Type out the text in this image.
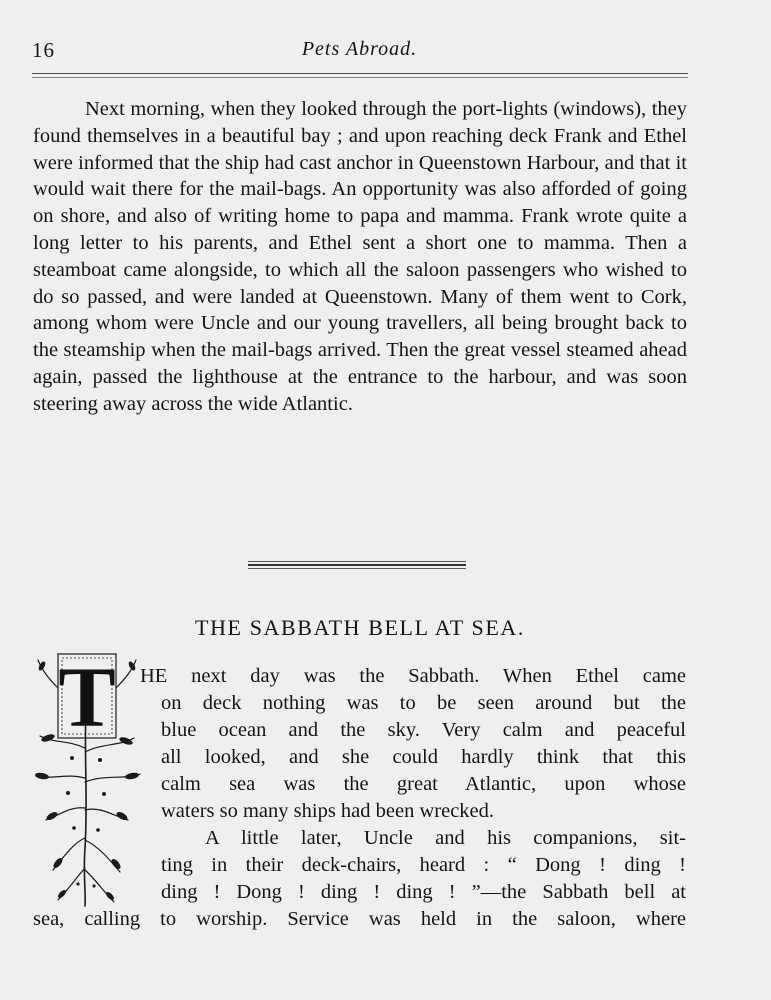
16	Pets Abroad.

Next morning, when they looked through the port-lights (windows), they found themselves in a beautiful bay ; and upon reaching deck Frank and Ethel were informed that the ship had cast anchor in Queenstown Harbour, and that it would wait there for the mail-bags. An opportunity was also afforded of going on shore, and also of writing home to papa and mamma. Frank wrote quite a long letter to his parents, and Ethel sent a short one to mamma. Then a steamboat came alongside, to which all the saloon passengers who wished to do so passed, and were landed at Queenstown. Many of them went to Cork, among whom were Uncle and our young travellers, all being brought back to the steamship when the mail-bags arrived. Then the great vessel steamed ahead again, passed the lighthouse at the entrance to the harbour, and was soon steering away across the wide Atlantic.

THE SABBATH BELL AT SEA.
T HE next day was the Sabbath. When Ethel came

on deck nothing was to be seen around but the

blue ocean and the sky. Very calm and peaceful

all looked, and she could hardly think that this

calm sea was the great Atlantic, upon whose

waters so many ships had been wrecked.

A little later, Uncle and his companions, sit-

ting in their deck-chairs, heard : “ Dong ! ding !

ding ! Dong ! ding ! ding ! ”—the Sabbath bell at

sea, calling to worship. Service was held in the saloon, where
